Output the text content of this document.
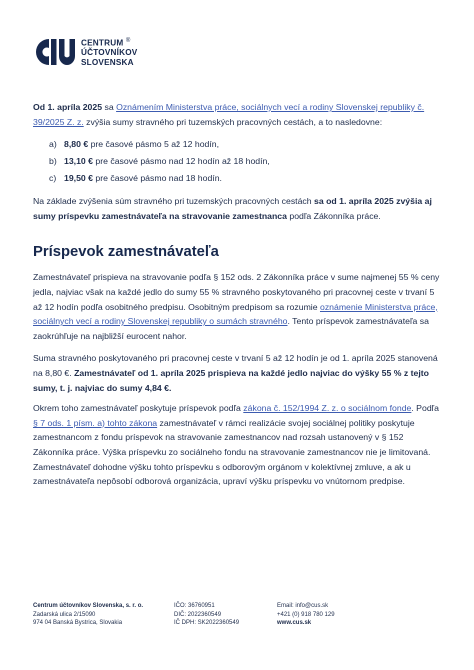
CENTRUM ®
ÚČTOVNÍKOV
SLOVENSKA

Od 1. apríla 2025 sa Oznámením Ministerstva práce, sociálnych vecí a rodiny Slovenskej republiky č. 39/2025 Z. z. zvýšia sumy stravného pri tuzemských pracovných cestách, a to nasledovne:

a) 8,80 € pre časové pásmo 5 až 12 hodín,
b) 13,10 € pre časové pásmo nad 12 hodín až 18 hodín,
c) 19,50 € pre časové pásmo nad 18 hodín.

Na základe zvýšenia súm stravného pri tuzemských pracovných cestách sa od 1. apríla 2025 zvýšia aj sumy príspevku zamestnávateľa na stravovanie zamestnanca podľa Zákonníka práce.

Príspevok zamestnávateľa

Zamestnávateľ prispieva na stravovanie podľa § 152 ods. 2 Zákonníka práce v sume najmenej 55 % ceny jedla, najviac však na každé jedlo do sumy 55 % stravného poskytovaného pri pracovnej ceste v trvaní 5 až 12 hodín podľa osobitného predpisu. Osobitným predpisom sa rozumie oznámenie Ministerstva práce, sociálnych vecí a rodiny Slovenskej republiky o sumách stravného. Tento príspevok zamestnávateľa sa zaokrúhľuje na najbližší eurocent nahor.

Suma stravného poskytovaného pri pracovnej ceste v trvaní 5 až 12 hodín je od 1. apríla 2025 stanovená na 8,80 €. Zamestnávateľ od 1. apríla 2025 prispieva na každé jedlo najviac do výšky 55 % z tejto sumy, t. j. najviac do sumy 4,84 €.

Okrem toho zamestnávateľ poskytuje príspevok podľa zákona č. 152/1994 Z. z. o sociálnom fonde. Podľa § 7 ods. 1 písm. a) tohto zákona zamestnávateľ v rámci realizácie svojej sociálnej politiky poskytuje zamestnancom z fondu príspevok na stravovanie zamestnancov nad rozsah ustanovený v § 152 Zákonníka práce. Výška príspevku zo sociálneho fondu na stravovanie zamestnancov nie je limitovaná. Zamestnávateľ dohodne výšku tohto príspevku s odborovým orgánom v kolektívnej zmluve, a ak u zamestnávateľa nepôsobí odborová organizácia, upraví výšku príspevku vo vnútornom predpise.

Centrum účtovníkov Slovenska, s. r. o.
Zadarská ulica 2/15090
974 04 Banská Bystrica, Slovakia
IČO: 36760951
DIČ: 2022360549
IČ DPH: SK2022360549
Email: info@cus.sk
+421 (0) 918 780 129
www.cus.sk
